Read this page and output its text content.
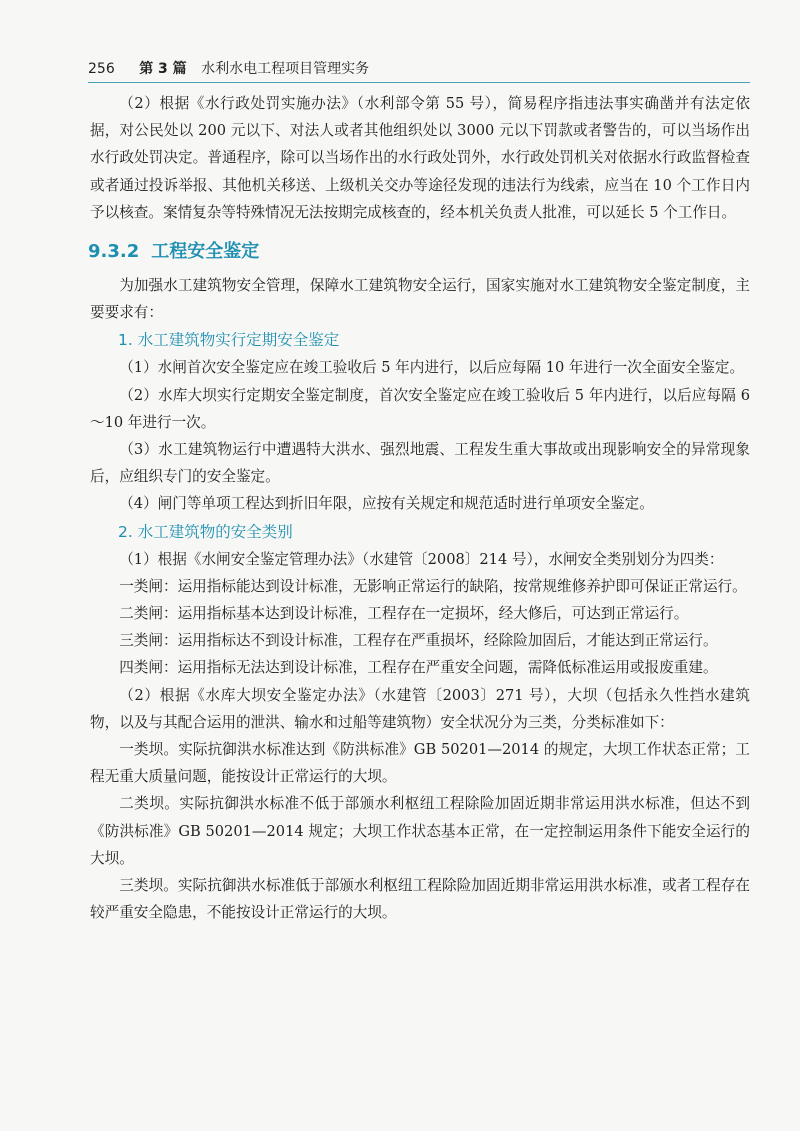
256 第 3 篇 水利水电工程项目管理实务

（2）根据《水行政处罚实施办法》（水利部令第 55 号），简易程序指违法事实确凿并有法定依据，对公民处以 200 元以下、对法人或者其他组织处以 3000 元以下罚款或者警告的，可以当场作出水行政处罚决定。普通程序，除可以当场作出的水行政处罚外，水行政处罚机关对依据水行政监督检查或者通过投诉举报、其他机关移送、上级机关交办等途径发现的违法行为线索，应当在 10 个工作日内予以核查。案情复杂等特殊情况无法按期完成核查的，经本机关负责人批准，可以延长 5 个工作日。

9.3.2 工程安全鉴定

为加强水工建筑物安全管理，保障水工建筑物安全运行，国家实施对水工建筑物安全鉴定制度，主要要求有：

1. 水工建筑物实行定期安全鉴定

（1）水闸首次安全鉴定应在竣工验收后 5 年内进行，以后应每隔 10 年进行一次全面安全鉴定。

（2）水库大坝实行定期安全鉴定制度，首次安全鉴定应在竣工验收后 5 年内进行，以后应每隔 6～10 年进行一次。

（3）水工建筑物运行中遭遇特大洪水、强烈地震、工程发生重大事故或出现影响安全的异常现象后，应组织专门的安全鉴定。

（4）闸门等单项工程达到折旧年限，应按有关规定和规范适时进行单项安全鉴定。

2. 水工建筑物的安全类别

（1）根据《水闸安全鉴定管理办法》（水建管〔2008〕214 号），水闸安全类别划分为四类：

一类闸：运用指标能达到设计标准，无影响正常运行的缺陷，按常规维修养护即可保证正常运行。

二类闸：运用指标基本达到设计标准，工程存在一定损坏，经大修后，可达到正常运行。

三类闸：运用指标达不到设计标准，工程存在严重损坏，经除险加固后，才能达到正常运行。

四类闸：运用指标无法达到设计标准，工程存在严重安全问题，需降低标准运用或报废重建。

（2）根据《水库大坝安全鉴定办法》（水建管〔2003〕271 号），大坝（包括永久性挡水建筑物，以及与其配合运用的泄洪、输水和过船等建筑物）安全状况分为三类，分类标准如下：

一类坝。实际抗御洪水标准达到《防洪标准》GB 50201—2014 的规定，大坝工作状态正常；工程无重大质量问题，能按设计正常运行的大坝。

二类坝。实际抗御洪水标准不低于部颁水利枢纽工程除险加固近期非常运用洪水标准，但达不到《防洪标准》GB 50201—2014 规定；大坝工作状态基本正常，在一定控制运用条件下能安全运行的大坝。

三类坝。实际抗御洪水标准低于部颁水利枢纽工程除险加固近期非常运用洪水标准，或者工程存在较严重安全隐患，不能按设计正常运行的大坝。
